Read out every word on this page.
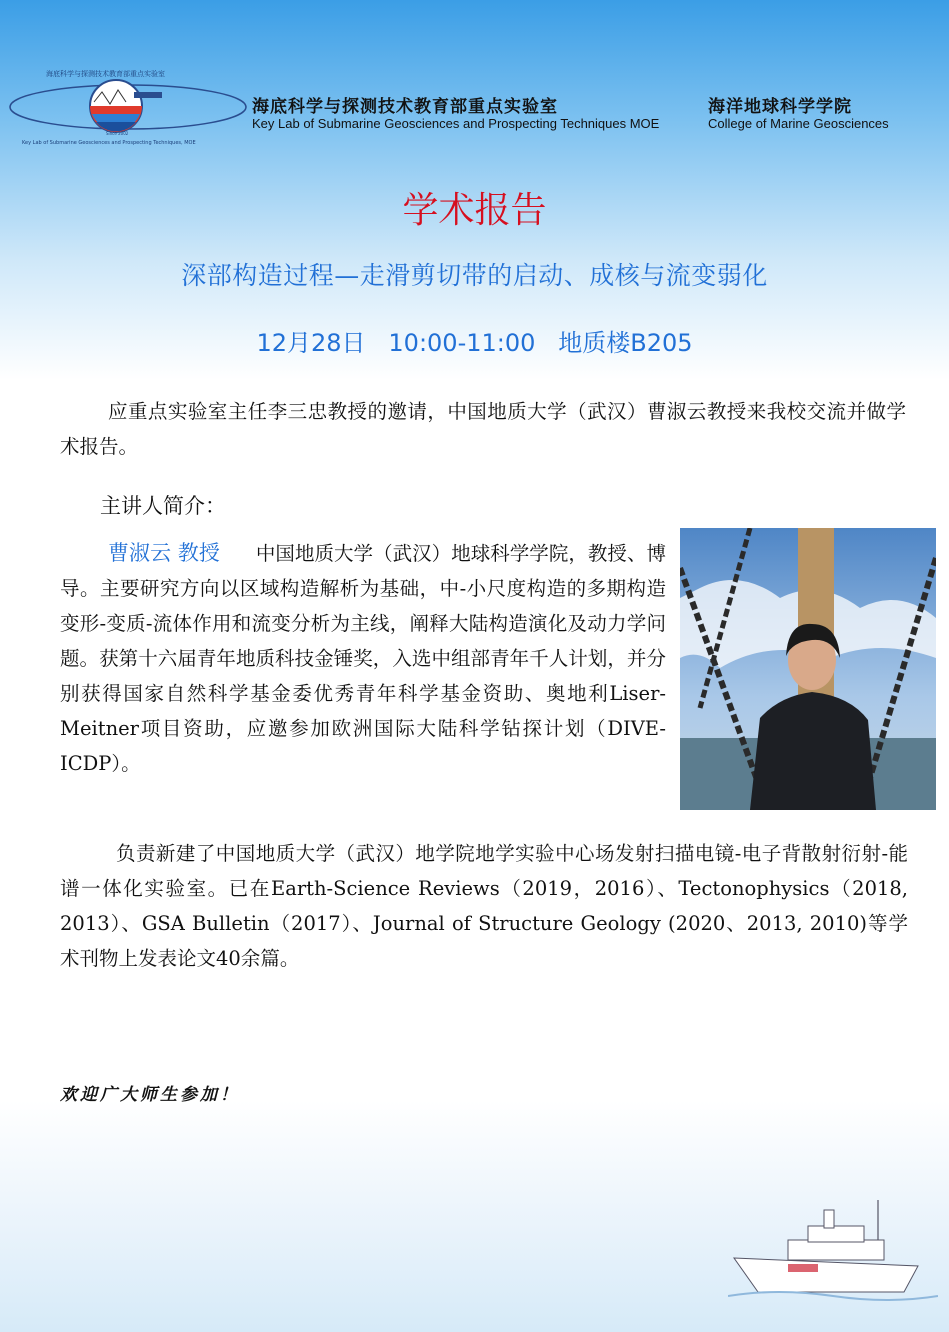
海底科学与探测技术教育部重点实验室
Key Lab of Submarine Geosciences and Prospecting Techniques, MOE
Since 2002
海底科学与探测技术教育部重点实验室
Key Lab of Submarine Geosciences and Prospecting Techniques MOE
海洋地球科学学院
College of Marine Geosciences
学术报告
深部构造过程—走滑剪切带的启动、成核与流变弱化
12月28日   10:00-11:00   地质楼B205
应重点实验室主任李三忠教授的邀请，中国地质大学（武汉）曹淑云教授来我校交流并做学术报告。
主讲人简介：
曹淑云 教授 中国地质大学（武汉）地球科学学院，教授、博导。主要研究方向以区域构造解析为基础，中-小尺度构造的多期构造变形-变质-流体作用和流变分析为主线，阐释大陆构造演化及动力学问题。获第十六届青年地质科技金锤奖，入选中组部青年千人计划，并分别获得国家自然科学基金委优秀青年科学基金资助、奥地利Liser-Meitner项目资助，应邀参加欧洲国际大陆科学钻探计划（DIVE-ICDP）。
负责新建了中国地质大学（武汉）地学院地学实验中心场发射扫描电镜-电子背散射衍射-能谱一体化实验室。已在Earth-Science Reviews（2019，2016）、Tectonophysics（2018, 2013）、GSA Bulletin（2017）、Journal of Structure Geology (2020、2013, 2010)等学术刊物上发表论文40余篇。
欢迎广大师生参加！
